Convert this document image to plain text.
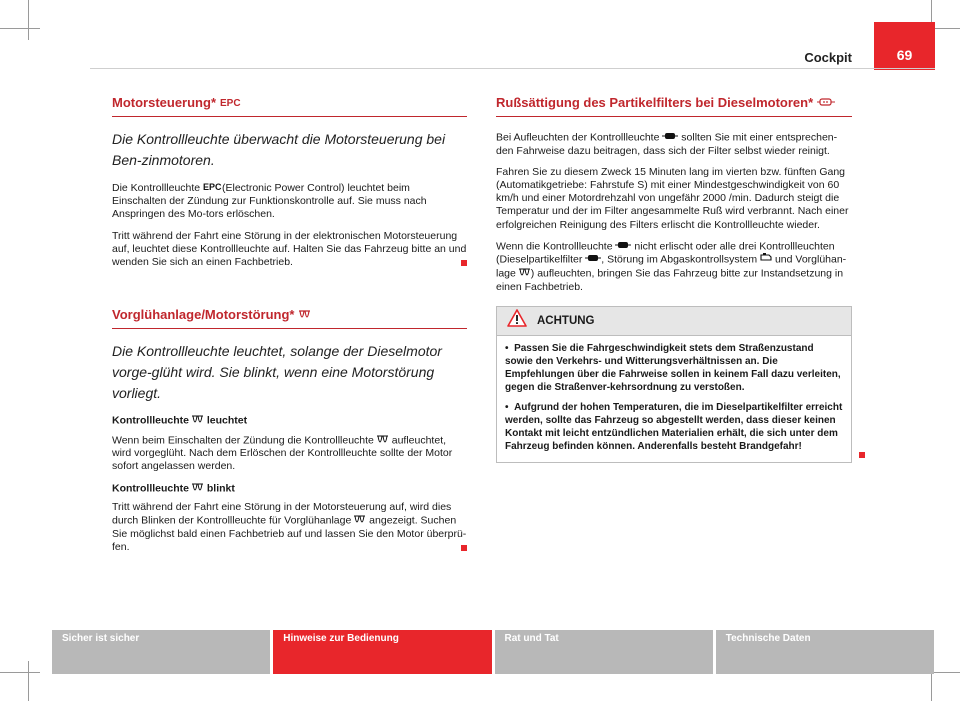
Cockpit	69
Motorsteuerung* EPC
Die Kontrollleuchte überwacht die Motorsteuerung bei Ben-zinmotoren.

Die Kontrollleuchte EPC (Electronic Power Control) leuchtet beim Einschalten der Zündung zur Funktionskontrolle auf. Sie muss nach Anspringen des Mo-tors erlöschen.

Tritt während der Fahrt eine Störung in der elektronischen Motorsteuerung auf, leuchtet diese Kontrollleuchte auf. Halten Sie das Fahrzeug bitte an und wenden Sie sich an einen Fachbetrieb.

Vorglühanlage/Motorstörung*
Die Kontrollleuchte leuchtet, solange der Dieselmotor vorge-glüht wird. Sie blinkt, wenn eine Motorstörung vorliegt.
Kontrollleuchte leuchtet

Wenn beim Einschalten der Zündung die Kontrollleuchte aufleuchtet, wird vorgeglüht. Nach dem Erlöschen der Kontrollleuchte sollte der Motor sofort angelassen werden.

Kontrollleuchte blinkt

Tritt während der Fahrt eine Störung in der Motorsteuerung auf, wird dies durch Blinken der Kontrollleuchte für Vorglühanlage angezeigt. Suchen Sie möglichst bald einen Fachbetrieb auf und lassen Sie den Motor überprü-fen.

Rußsättigung des Partikelfilters bei Dieselmotoren*

Bei Aufleuchten der Kontrollleuchte sollten Sie mit einer entsprechen-den Fahrweise dazu beitragen, dass sich der Filter selbst wieder reinigt.

Fahren Sie zu diesem Zweck 15 Minuten lang im vierten bzw. fünften Gang (Automatikgetriebe: Fahrstufe S) mit einer Mindestgeschwindigkeit von 60 km/h und einer Motordrehzahl von ungefähr 2000 /min. Dadurch steigt die Temperatur und der im Filter angesammelte Ruß wird verbrannt. Nach einer erfolgreichen Reinigung des Filters erlischt die Kontrollleuchte wieder.

Wenn die Kontrollleuchte nicht erlischt oder alle drei Kontrollleuchten (Dieselpartikelfilter , Störung im Abgaskontrollsystem und Vorglühan-lage ) aufleuchten, bringen Sie das Fahrzeug bitte zur Instandsetzung in einen Fachbetrieb.

ACHTUNG

•  Passen Sie die Fahrgeschwindigkeit stets dem Straßenzustand sowie den Verkehrs- und Witterungsverhältnissen an. Die Empfehlungen über die Fahrweise sollen in keinem Fall dazu verleiten, gegen die Straßenver-kehrsordnung zu verstoßen.

•  Aufgrund der hohen Temperaturen, die im Dieselpartikelfilter erreicht werden, sollte das Fahrzeug so abgestellt werden, dass dieser keinen Kontakt mit leicht entzündlichen Materialien erhält, die sich unter dem Fahrzeug befinden können. Anderenfalls besteht Brandgefahr!

Sicher ist sicher	Hinweise zur Bedienung	Rat und Tat	Technische Daten
